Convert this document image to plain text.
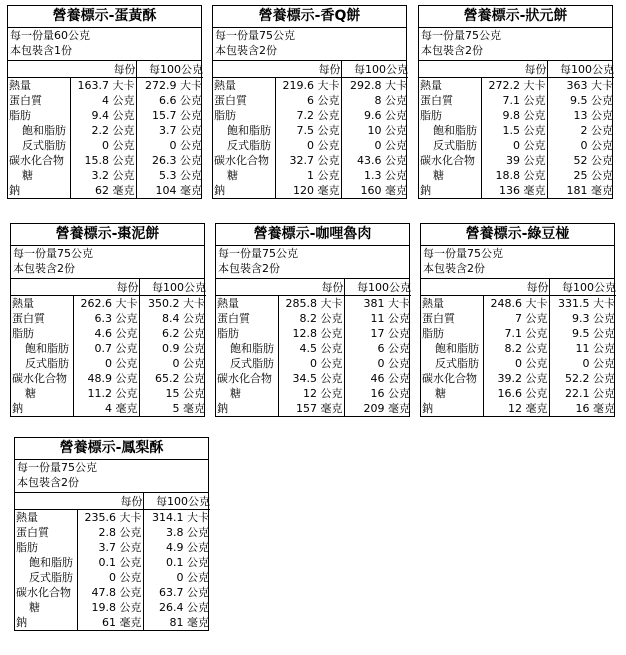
營養標示-蛋黃酥
每一份量60公克
本包裝含1份
	每份	每100公克
熱量	163.7 大卡	272.9 大卡
蛋白質	4 公克	6.6 公克
脂肪	9.4 公克	15.7 公克
飽和脂肪	2.2 公克	3.7 公克
反式脂肪	0 公克	0 公克
碳水化合物	15.8 公克	26.3 公克
糖	3.2 公克	5.3 公克
鈉	62 毫克	104 毫克
營養標示-香Q餅
每一份量75公克
本包裝含2份
	每份	每100公克
熱量	219.6 大卡	292.8 大卡
蛋白質	6 公克	8 公克
脂肪	7.2 公克	9.6 公克
飽和脂肪	7.5 公克	10 公克
反式脂肪	0 公克	0 公克
碳水化合物	32.7 公克	43.6 公克
糖	1 公克	1.3 公克
鈉	120 毫克	160 毫克
營養標示-狀元餅
每一份量75公克
本包裝含2份
	每份	每100公克
熱量	272.2 大卡	363 大卡
蛋白質	7.1 公克	9.5 公克
脂肪	9.8 公克	13 公克
飽和脂肪	1.5 公克	2 公克
反式脂肪	0 公克	0 公克
碳水化合物	39 公克	52 公克
糖	18.8 公克	25 公克
鈉	136 毫克	181 毫克
營養標示-棗泥餅
每一份量75公克
本包裝含2份
	每份	每100公克
熱量	262.6 大卡	350.2 大卡
蛋白質	6.3 公克	8.4 公克
脂肪	4.6 公克	6.2 公克
飽和脂肪	0.7 公克	0.9 公克
反式脂肪	0 公克	0 公克
碳水化合物	48.9 公克	65.2 公克
糖	11.2 公克	15 公克
鈉	4 毫克	5 毫克
營養標示-咖哩魯肉
每一份量75公克
本包裝含2份
	每份	每100公克
熱量	285.8 大卡	381 大卡
蛋白質	8.2 公克	11 公克
脂肪	12.8 公克	17 公克
飽和脂肪	4.5 公克	6 公克
反式脂肪	0 公克	0 公克
碳水化合物	34.5 公克	46 公克
糖	12 公克	16 公克
鈉	157 毫克	209 毫克
營養標示-綠豆椪
每一份量75公克
本包裝含2份
	每份	每100公克
熱量	248.6 大卡	331.5 大卡
蛋白質	7 公克	9.3 公克
脂肪	7.1 公克	9.5 公克
飽和脂肪	8.2 公克	11 公克
反式脂肪	0 公克	0 公克
碳水化合物	39.2 公克	52.2 公克
糖	16.6 公克	22.1 公克
鈉	12 毫克	16 毫克
營養標示-鳳梨酥
每一份量75公克
本包裝含2份
	每份	每100公克
熱量	235.6 大卡	314.1 大卡
蛋白質	2.8 公克	3.8 公克
脂肪	3.7 公克	4.9 公克
飽和脂肪	0.1 公克	0.1 公克
反式脂肪	0 公克	0 公克
碳水化合物	47.8 公克	63.7 公克
糖	19.8 公克	26.4 公克
鈉	61 毫克	81 毫克
